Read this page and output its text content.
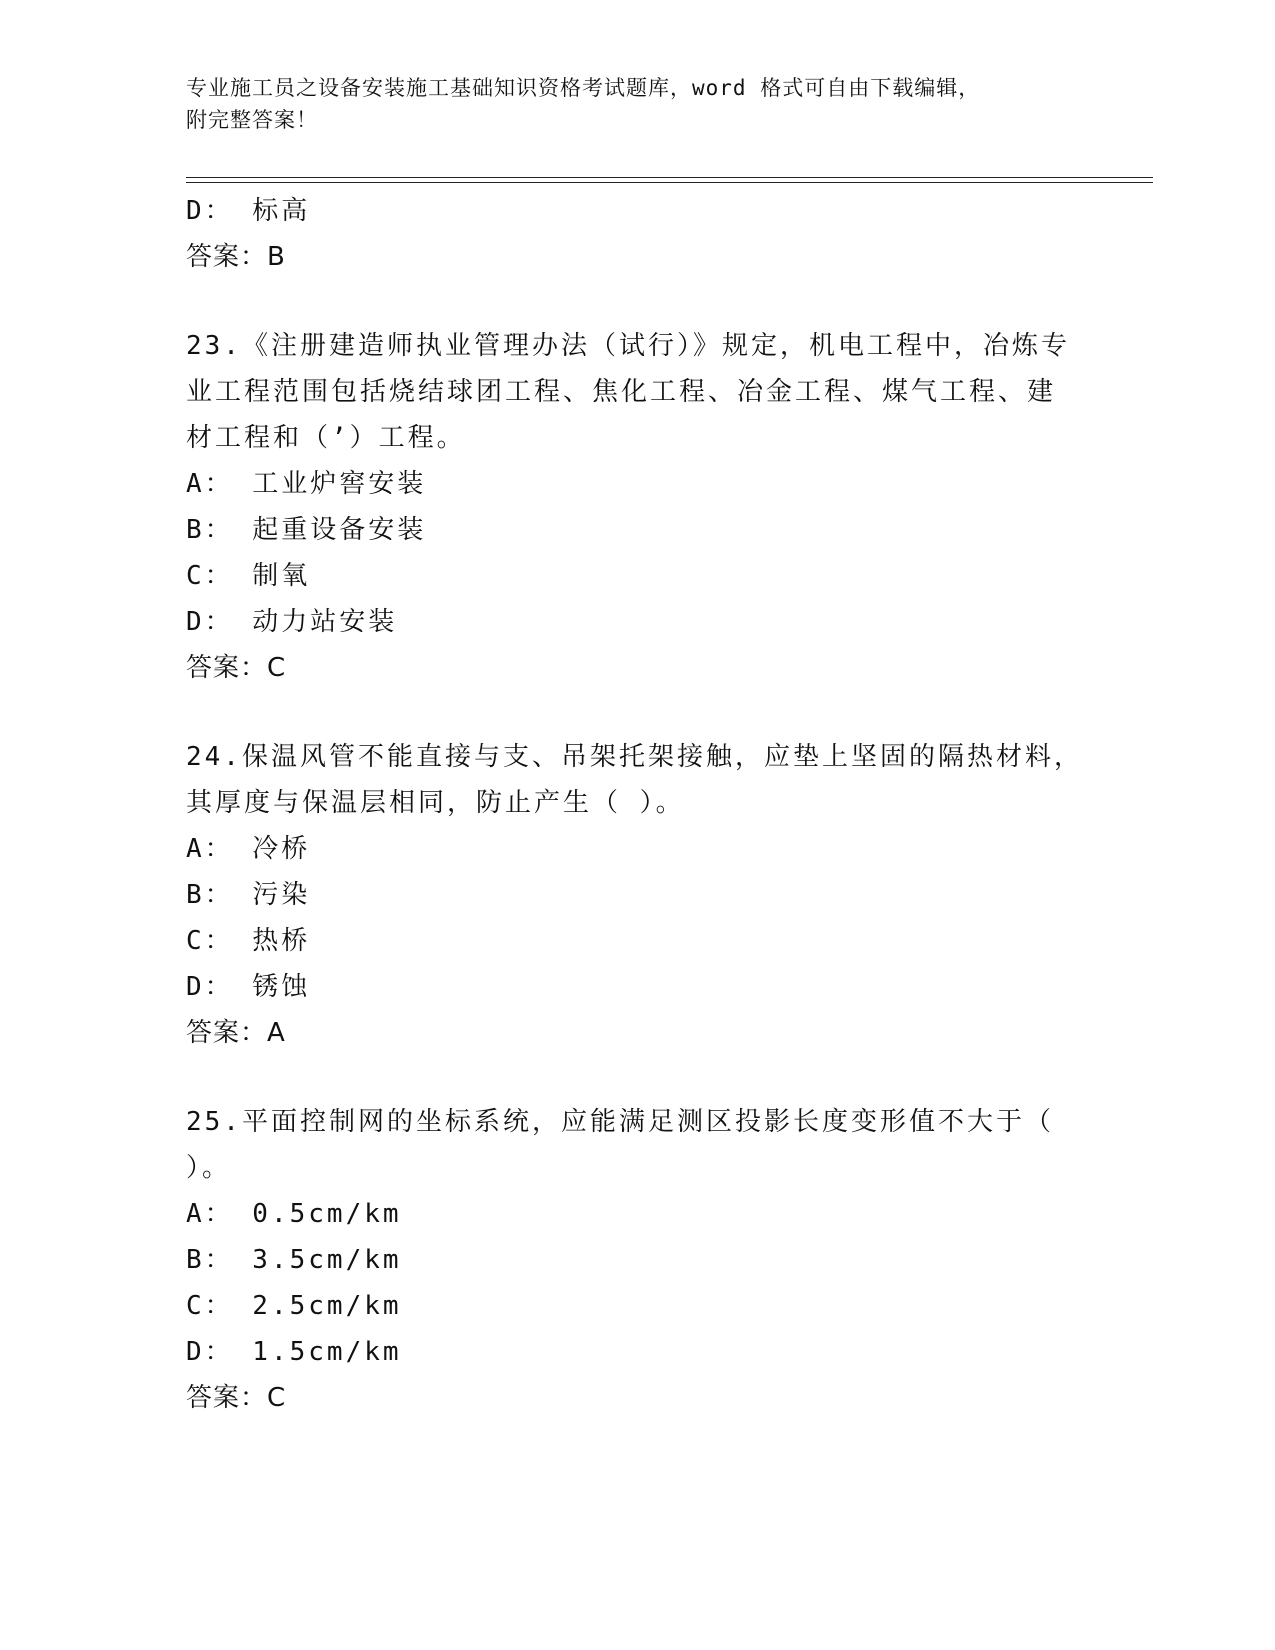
专业施工员之设备安装施工基础知识资格考试题库，word 格式可自由下载编辑，
附完整答案！
D： 标高
答案：B
23.《注册建造师执业管理办法（试行）》规定，机电工程中，冶炼专
业工程范围包括烧结球团工程、焦化工程、冶金工程、煤气工程、建
材工程和（’）工程。
A： 工业炉窖安装
B： 起重设备安装
C： 制氧
D： 动力站安装
答案：C
24.保温风管不能直接与支、吊架托架接触，应垫上坚固的隔热材料，
其厚度与保温层相同，防止产生（ ）。
A： 冷桥
B： 污染
C： 热桥
D： 锈蚀
答案：A
25.平面控制网的坐标系统，应能满足测区投影长度变形值不大于（
）。
A： 0.5cm/km
B： 3.5cm/km
C： 2.5cm/km
D： 1.5cm/km
答案：C
